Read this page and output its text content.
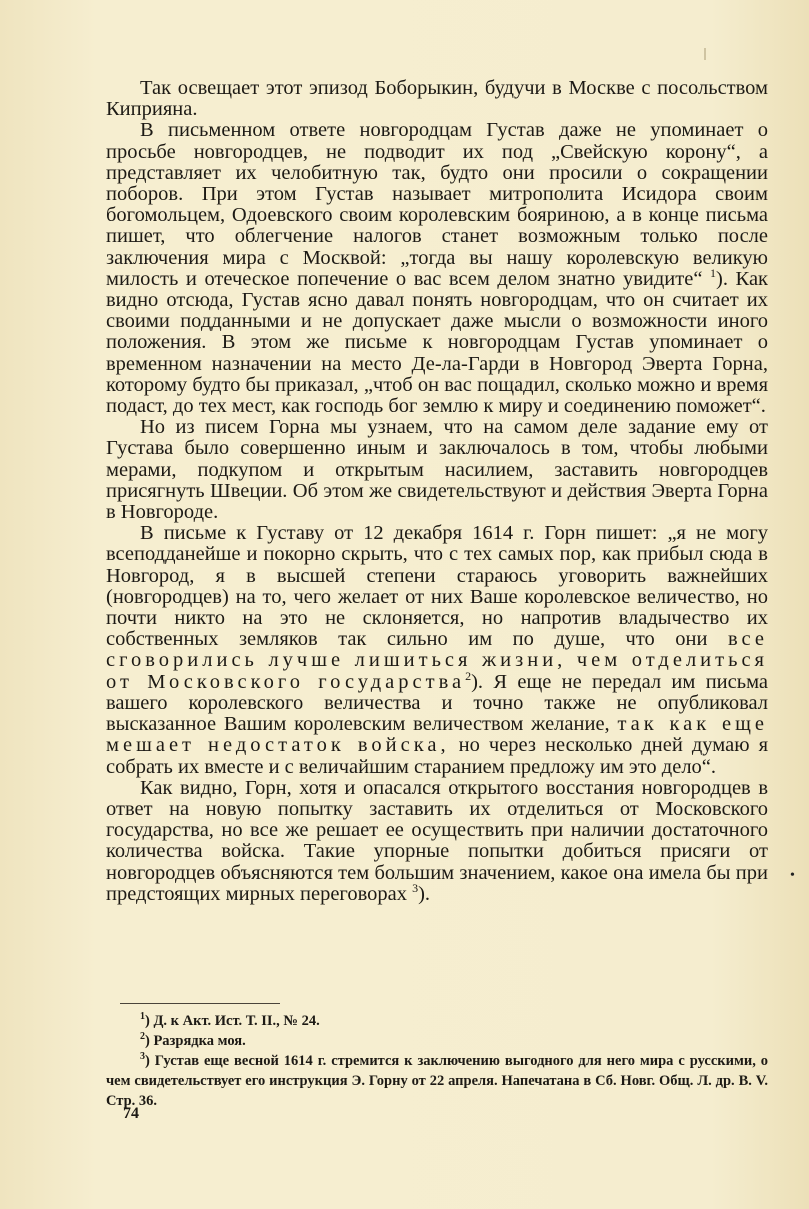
Так освещает этот эпизод Боборыкин, будучи в Москве с посольством Киприяна.

В письменном ответе новгородцам Густав даже не упоминает о просьбе новгородцев, не подводит их под „Свейскую корону“, а представляет их челобитную так, будто они просили о сокращении поборов. При этом Густав называет митрополита Исидора своим богомольцем, Одоевского своим королевским бояриною, а в конце письма пишет, что облегчение налогов станет возможным только после заключения мира с Москвой: „тогда вы нашу королевскую великую милость и отеческое попечение о вас всем делом знатно увидите“ $^1$). Как видно отсюда, Густав ясно давал понять новгородцам, что он считает их своими подданными и не допускает даже мысли о возможности иного положения. В этом же письме к новгородцам Густав упоминает о временном назначении на место Де-ла-Гарди в Новгород Эверта Горна, которому будто бы приказал, „чтоб он вас пощадил, сколько можно и время подаст, до тех мест, как господь бог землю к миру и соединению поможет“.

Но из писем Горна мы узнаем, что на самом деле задание ему от Густава было совершенно иным и заключалось в том, чтобы любыми мерами, подкупом и открытым насилием, заставить новгородцев присягнуть Швеции. Об этом же свидетельствуют и действия Эверта Горна в Новгороде.

В письме к Густаву от 12 декабря 1614 г. Горн пишет: „я не могу всеподданейше и покорно скрыть, что с тех самых пор, как прибыл сюда в Новгород, я в высшей степени стараюсь уговорить важнейших (новгородцев) на то, чего желает от них Ваше королевское величество, но почти никто на это не склоняется, но напротив владычество их собственных земляков так сильно им по душе, что они все сговорились лучше лишиться жизни, чем отделиться от Московского государства$^2$). Я еще не передал им письма вашего королевского величества и точно также не опубликовал высказанное Вашим королевским величеством желание, так как еще мешает недостаток войска, но через несколько дней думаю я собрать их вместе и с величайшим старанием предложу им это дело“.

Как видно, Горн, хотя и опасался открытого восстания новгородцев в ответ на новую попытку заставить их отделиться от Московского государства, но все же решает ее осуществить при наличии достаточного количества войска. Такие упорные попытки добиться присяги от новгородцев объясняются тем большим значением, какое она имела бы при предстоящих мирных переговорах $^3$).

•

$^1$) Д. к Акт. Ист. Т. II., № 24.

$^2$) Разрядка моя.

$^3$) Густав еще весной 1614 г. стремится к заключению выгодного для него мира с русскими, о чем свидетельствует его инструкция Э. Горну от 22 апреля. Напечатана в Сб. Новг. Общ. Л. др. В. V. Стр. 36.

74
